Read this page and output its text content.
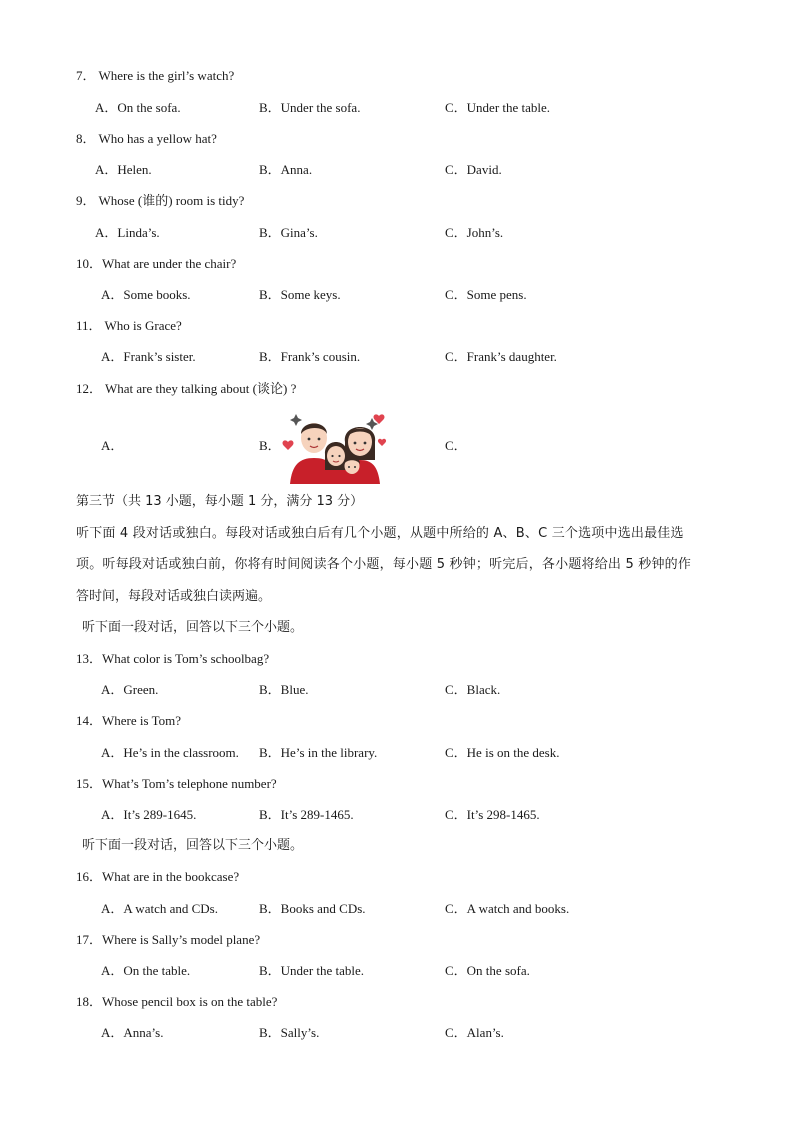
7． Where is the girl’s watch?
A．On the sofa.	B．Under the sofa.	C．Under the table.
8． Who has a yellow hat?
A．Helen.	B．Anna.	C．David.
9． Whose (谁的) room is tidy?
A．Linda’s.	B．Gina’s.	C．John’s.
10．What are under the chair?
A．Some books.	B．Some keys.	C．Some pens.
11． Who is Grace?
A．Frank’s sister.	B．Frank’s cousin.	C．Frank’s daughter.
12． What are they talking about (谈论) ?
A．	B．	C．
第三节（共 13 小题，每小题 1 分，满分 13 分）
听下面 4 段对话或独白。每段对话或独白后有几个小题，从题中所给的 A、B、C 三个选项中选出最佳选
项。听每段对话或独白前，你将有时间阅读各个小题，每小题 5 秒钟；听完后，各小题将给出 5 秒钟的作
答时间，每段对话或独白读两遍。
听下面一段对话，回答以下三个小题。
13．What color is Tom’s schoolbag?
A．Green.	B．Blue.	C．Black.
14．Where is Tom?
A．He’s in the classroom. B．He’s in the library.	C．He is on the desk.
15．What’s Tom’s telephone number?
A．It’s 289-1645.	B．It’s 289-1465.	C．It’s 298-1465.
听下面一段对话，回答以下三个小题。
16．What are in the bookcase?
A．A watch and CDs.	B．Books and CDs.	C．A watch and books.
17．Where is Sally’s model plane?
A．On the table.	B．Under the table.	C．On the sofa.
18．Whose pencil box is on the table?
A．Anna’s.	B．Sally’s.	C．Alan’s.
